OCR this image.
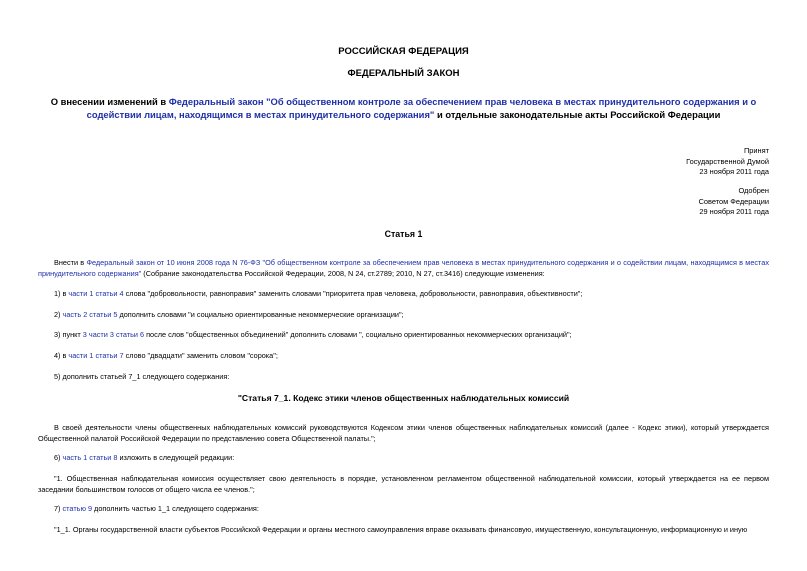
РОССИЙСКАЯ ФЕДЕРАЦИЯ
ФЕДЕРАЛЬНЫЙ ЗАКОН
О внесении изменений в Федеральный закон "Об общественном контроле за обеспечением прав человека в местах принудительного содержания и о содействии лицам, находящимся в местах принудительного содержания" и отдельные законодательные акты Российской Федерации
Принят
Государственной Думой
23 ноября 2011 года
Одобрен
Советом Федерации
29 ноября 2011 года
Статья 1
Внести в Федеральный закон от 10 июня 2008 года N 76-ФЗ "Об общественном контроле за обеспечением прав человека в местах принудительного содержания и о содействии лицам, находящимся в местах принудительного содержания" (Собрание законодательства Российской Федерации, 2008, N 24, ст.2789; 2010, N 27, ст.3416) следующие изменения:
1) в части 1 статьи 4 слова "добровольности, равноправия" заменить словами "приоритета прав человека, добровольности, равноправия, объективности";
2) часть 2 статьи 5 дополнить словами "и социально ориентированные некоммерческие организации";
3) пункт 3 части 3 статьи 6 после слов "общественных объединений" дополнить словами ", социально ориентированных некоммерческих организаций";
4) в части 1 статьи 7 слово "двадцати" заменить словом "сорока";
5) дополнить статьей 7_1 следующего содержания:
"Статья 7_1. Кодекс этики членов общественных наблюдательных комиссий
В своей деятельности члены общественных наблюдательных комиссий руководствуются Кодексом этики членов общественных наблюдательных комиссий (далее - Кодекс этики), который утверждается Общественной палатой Российской Федерации по представлению совета Общественной палаты.";
6) часть 1 статьи 8 изложить в следующей редакции:
"1. Общественная наблюдательная комиссия осуществляет свою деятельность в порядке, установленном регламентом общественной наблюдательной комиссии, который утверждается на ее первом заседании большинством голосов от общего числа ее членов.";
7) статью 9 дополнить частью 1_1 следующего содержания:
"1_1. Органы государственной власти субъектов Российской Федерации и органы местного самоуправления вправе оказывать финансовую, имущественную, консультационную, информационную и иную
